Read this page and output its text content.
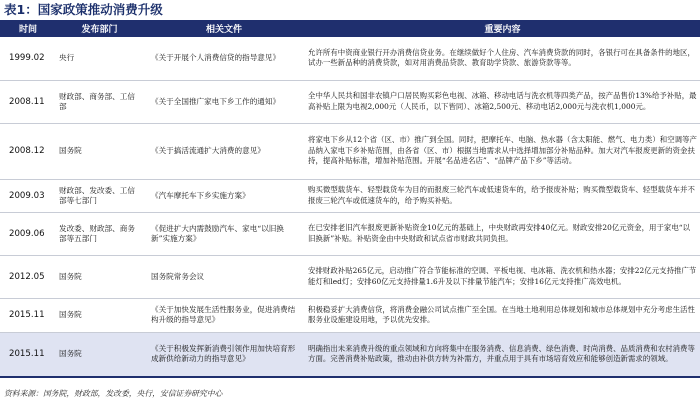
表1：国家政策推动消费升级
时间	发布部门	相关文件	重要内容
1999.02	央行	《关于开展个人消费信贷的指导意见》	允许所有中资商业银行开办消费信贷业务。在继续做好个人住房、汽车消费贷款的同时，各银行可在具备条件的地区，试办一些新品种的消费贷款，如对用消费品贷款、教育助学贷款、旅游贷款等等。
2008.11	财政部、商务部、工信部	《关于全国推广家电下乡工作的通知》	全中华人民共和国非农镇户口居民购买彩色电视、冰箱、移动电话与洗衣机等四类产品，按产品售价13%给予补贴，最高补贴上限为电视2,000元（人民币，以下皆同）、冰箱2,500元、移动电话2,000元与洗衣机1,000元。
2008.12	国务院	《关于搞活流通扩大消费的意见》	将家电下乡从12个省（区、市）推广到全国。同时，把摩托车、电脑、热水器（含太阳能、燃气、电力类）和空调等产品纳入家电下乡补贴范围，由各省（区、市）根据当地需求从中选择增加部分补贴品种。加大对汽车报废更新的资金扶持，提高补贴标准，增加补贴范围。开展“名品进名店”、“品牌产品下乡”等活动。
2009.03	财政部、发改委、工信部等七部门	《汽车摩托车下乡实施方案》	购买微型载货车、轻型载货车为目的而报废三轮汽车或低速货车的，给予报废补贴；购买微型载货车、轻型载货车并不报废三轮汽车或低速货车的，给予购买补贴。
2009.06	发改委、财政部、商务部等五部门	《促进扩大内需鼓励汽车、家电“以旧换新”实施方案》	在已安排老旧汽车报废更新补贴资金10亿元的基础上，中央财政再安排40亿元。财政安排20亿元资金，用于家电“以旧换新”补贴。补贴资金由中央财政和试点省市财政共同负担。
2012.05	国务院	国务院常务会议	安排财政补贴265亿元，启动推广符合节能标准的空调、平板电视、电冰箱、洗衣机和热水器；安排22亿元支持推广节能灯和led灯；安排60亿元支持排量1.6升及以下排量节能汽车；安排16亿元支持推广高效电机。
2015.11	国务院	《关于加快发展生活性服务业，促进消费结构升级的指导意见》	积极稳妥扩大消费信贷，将消费金融公司试点推广至全国。在当地土地利用总体规划和城市总体规划中充分考虑生活性服务业设施建设用地，予以优先安排。
2015.11	国务院	《关于积极发挥新消费引领作用加快培育形成新供给新动力的指导意见》	明确指出未来消费升级的重点领域和方向将集中在服务消费、信息消费、绿色消费、时尚消费、品质消费和农村消费等方面。完善消费补贴政策，推动由补供方转为补需方，并重点用于具有市场培育效应和能够创造新需求的领域。
资料来源：国务院，财政部，发改委，央行，安信证券研究中心
